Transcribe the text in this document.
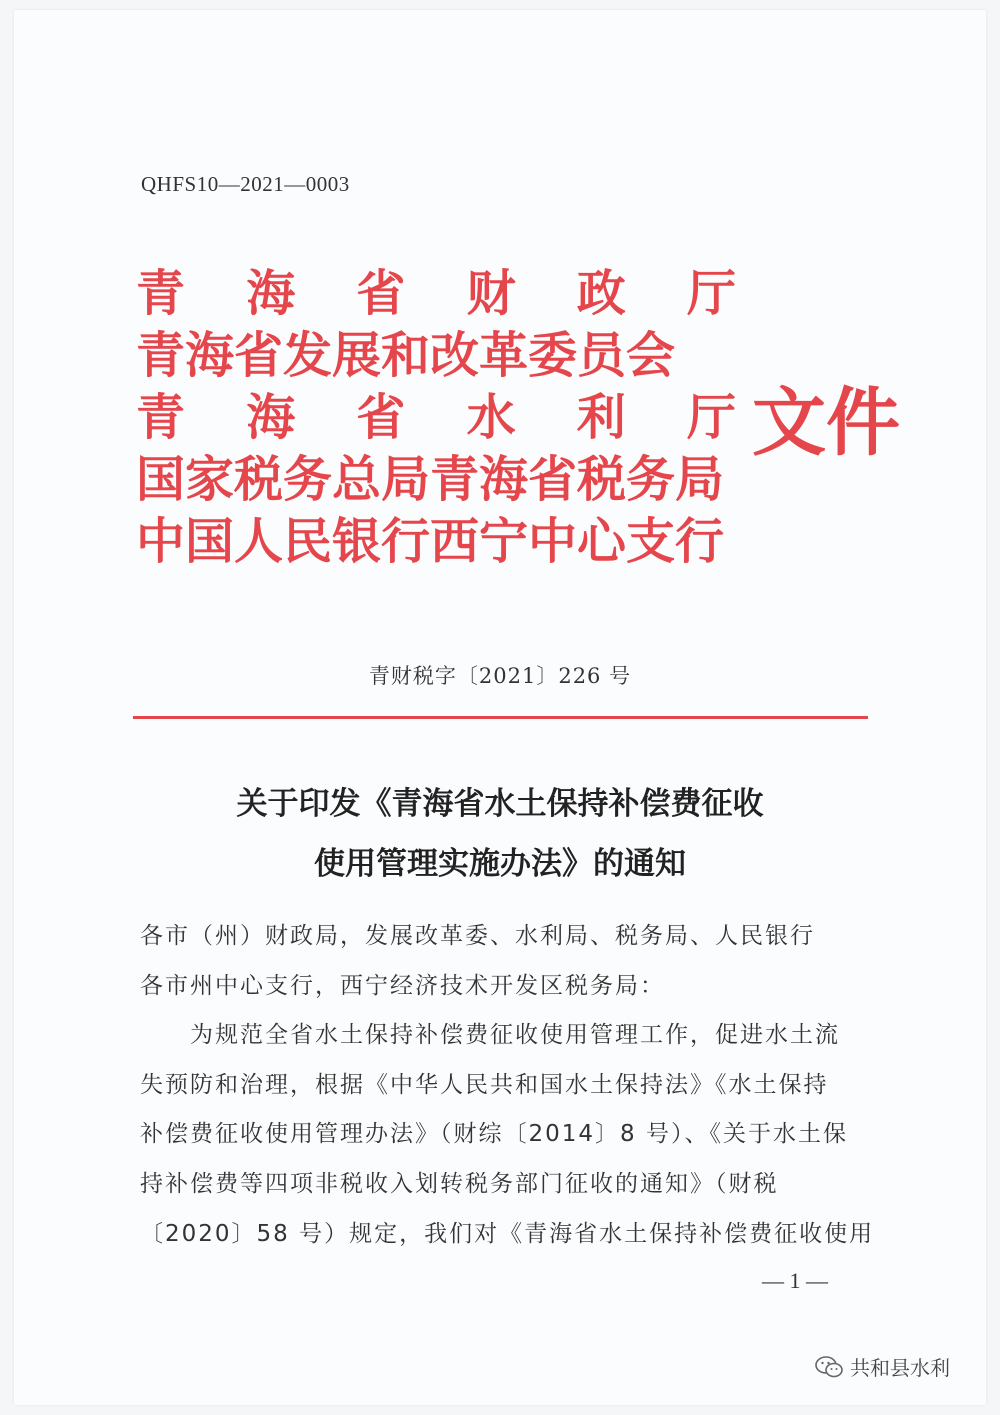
QHFS10—2021—0003
青 海 省 财 政 厅
青海省发展和改革委员会
青 海 省 水 利 厅
国家税务总局青海省税务局
中国人民银行西宁中心支行
文件
青财税字〔2021〕226 号
关于印发《青海省水土保持补偿费征收
使用管理实施办法》的通知
各市（州）财政局，发展改革委、水利局、税务局、人民银行
各市州中心支行，西宁经济技术开发区税务局：
　　为规范全省水土保持补偿费征收使用管理工作，促进水土流
失预防和治理，根据《中华人民共和国水土保持法》《水土保持
补偿费征收使用管理办法》（财综〔2014〕8 号）、《关于水土保
持补偿费等四项非税收入划转税务部门征收的通知》（财税
〔2020〕58 号）规定，我们对《青海省水土保持补偿费征收使用
— 1 —
共和县水利
